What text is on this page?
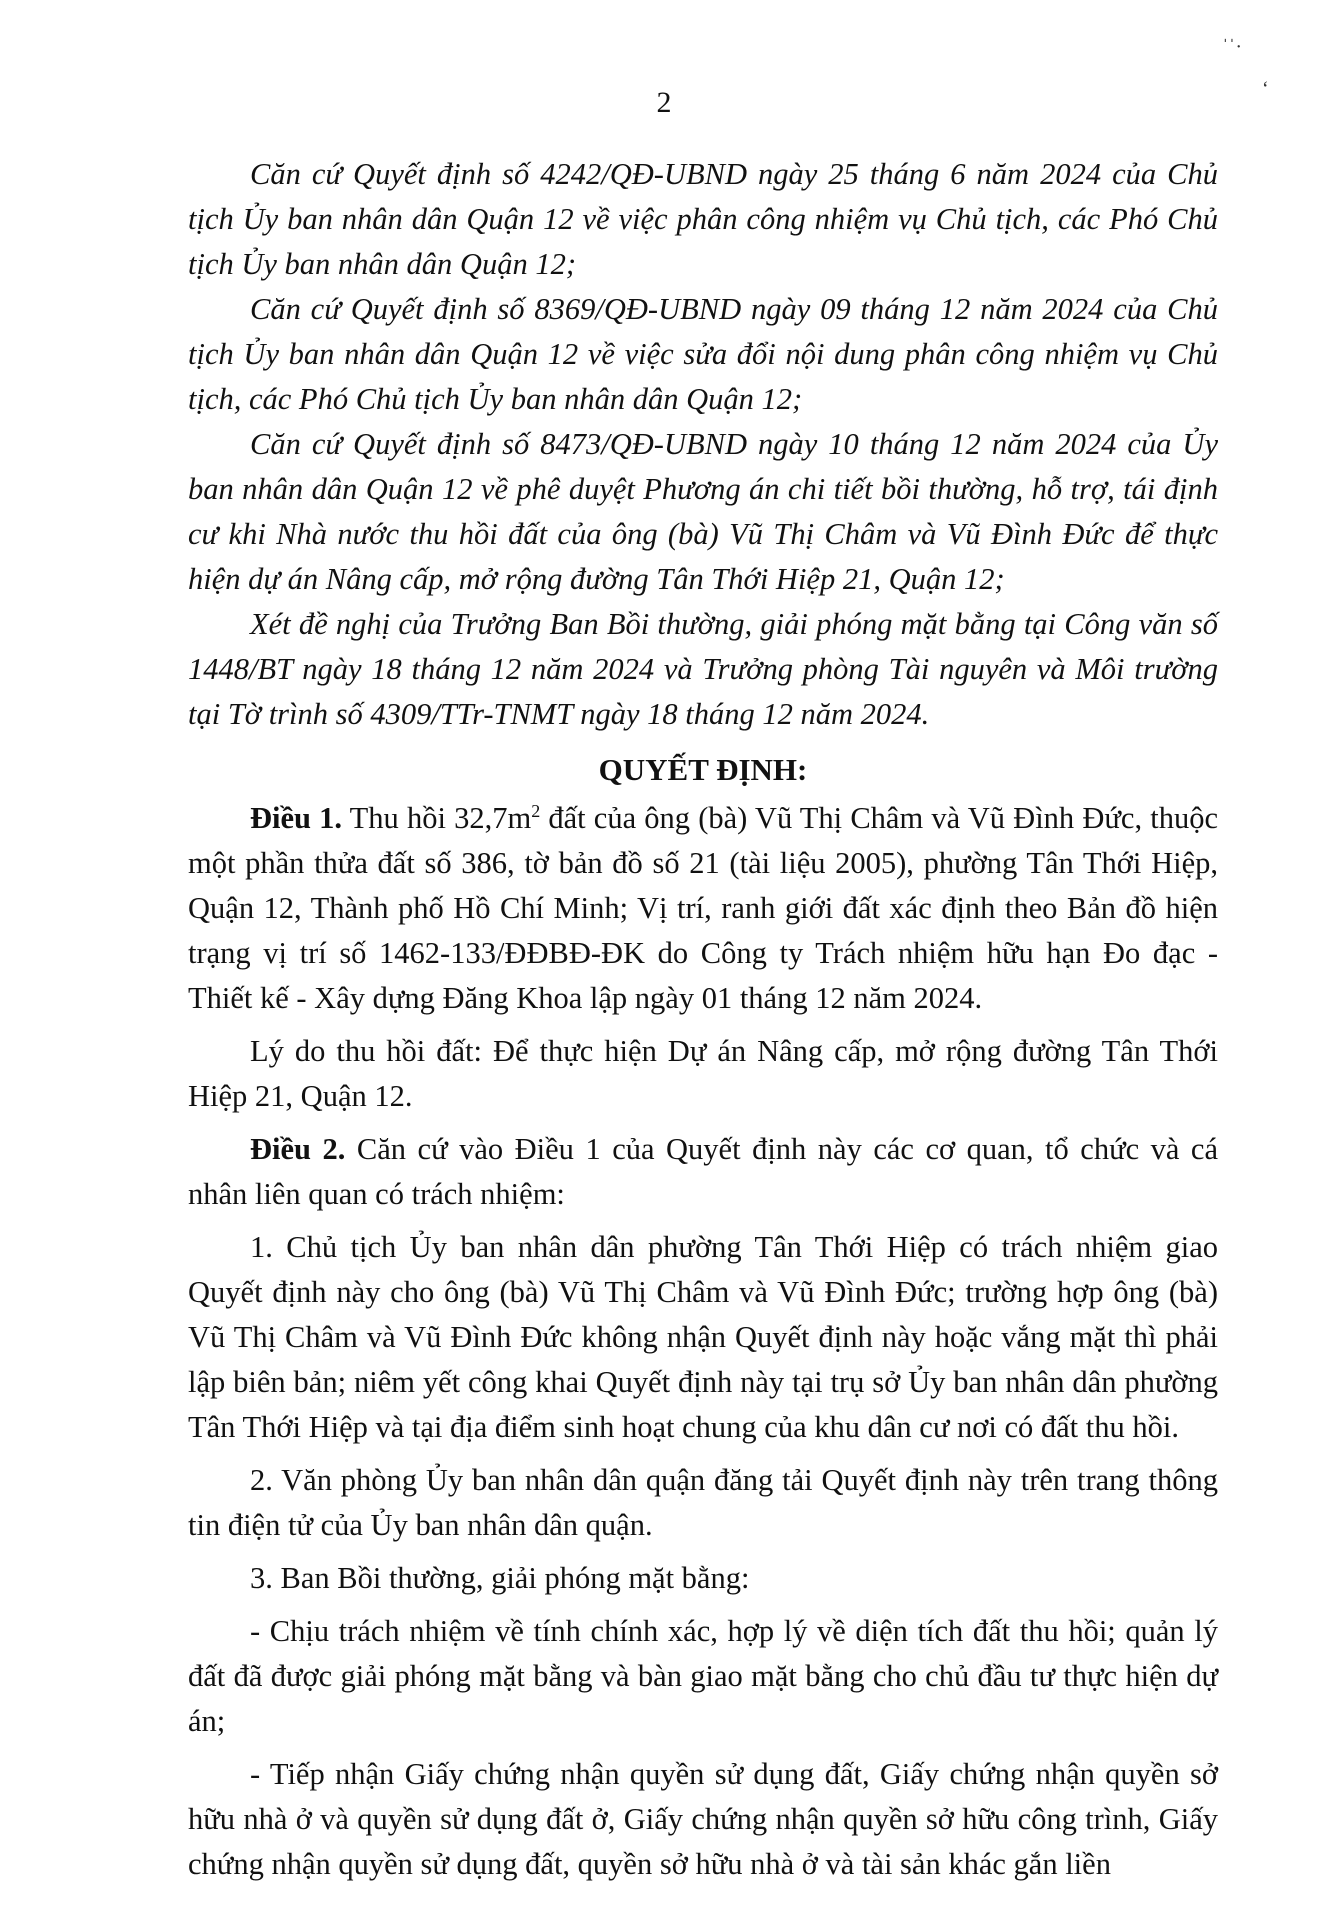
ˈˈ·
‘
2

Căn cứ Quyết định số 4242/QĐ-UBND ngày 25 tháng 6 năm 2024 của Chủ tịch Ủy ban nhân dân Quận 12 về việc phân công nhiệm vụ Chủ tịch, các Phó Chủ tịch Ủy ban nhân dân Quận 12;

Căn cứ Quyết định số 8369/QĐ-UBND ngày 09 tháng 12 năm 2024 của Chủ tịch Ủy ban nhân dân Quận 12 về việc sửa đổi nội dung phân công nhiệm vụ Chủ tịch, các Phó Chủ tịch Ủy ban nhân dân Quận 12;

Căn cứ Quyết định số 8473/QĐ-UBND ngày 10 tháng 12 năm 2024 của Ủy ban nhân dân Quận 12 về phê duyệt Phương án chi tiết bồi thường, hỗ trợ, tái định cư khi Nhà nước thu hồi đất của ông (bà) Vũ Thị Châm và Vũ Đình Đức để thực hiện dự án Nâng cấp, mở rộng đường Tân Thới Hiệp 21, Quận 12;

Xét đề nghị của Trưởng Ban Bồi thường, giải phóng mặt bằng tại Công văn số 1448/BT ngày 18 tháng 12 năm 2024 và Trưởng phòng Tài nguyên và Môi trường tại Tờ trình số 4309/TTr-TNMT ngày 18 tháng 12 năm 2024.

QUYẾT ĐỊNH:

Điều 1. Thu hồi $32,7m^2$ đất của ông (bà) Vũ Thị Châm và Vũ Đình Đức, thuộc một phần thửa đất số 386, tờ bản đồ số 21 (tài liệu 2005), phường Tân Thới Hiệp, Quận 12, Thành phố Hồ Chí Minh; Vị trí, ranh giới đất xác định theo Bản đồ hiện trạng vị trí số 1462-133/ĐĐBĐ-ĐK do Công ty Trách nhiệm hữu hạn Đo đạc - Thiết kế - Xây dựng Đăng Khoa lập ngày 01 tháng 12 năm 2024.

Lý do thu hồi đất: Để thực hiện Dự án Nâng cấp, mở rộng đường Tân Thới Hiệp 21, Quận 12.

Điều 2. Căn cứ vào Điều 1 của Quyết định này các cơ quan, tổ chức và cá nhân liên quan có trách nhiệm:

1. Chủ tịch Ủy ban nhân dân phường Tân Thới Hiệp có trách nhiệm giao Quyết định này cho ông (bà) Vũ Thị Châm và Vũ Đình Đức; trường hợp ông (bà) Vũ Thị Châm và Vũ Đình Đức không nhận Quyết định này hoặc vắng mặt thì phải lập biên bản; niêm yết công khai Quyết định này tại trụ sở Ủy ban nhân dân phường Tân Thới Hiệp và tại địa điểm sinh hoạt chung của khu dân cư nơi có đất thu hồi.

2. Văn phòng Ủy ban nhân dân quận đăng tải Quyết định này trên trang thông tin điện tử của Ủy ban nhân dân quận.

3. Ban Bồi thường, giải phóng mặt bằng:

- Chịu trách nhiệm về tính chính xác, hợp lý về diện tích đất thu hồi; quản lý đất đã được giải phóng mặt bằng và bàn giao mặt bằng cho chủ đầu tư thực hiện dự án;

- Tiếp nhận Giấy chứng nhận quyền sử dụng đất, Giấy chứng nhận quyền sở hữu nhà ở và quyền sử dụng đất ở, Giấy chứng nhận quyền sở hữu công trình, Giấy chứng nhận quyền sử dụng đất, quyền sở hữu nhà ở và tài sản khác gắn liền
